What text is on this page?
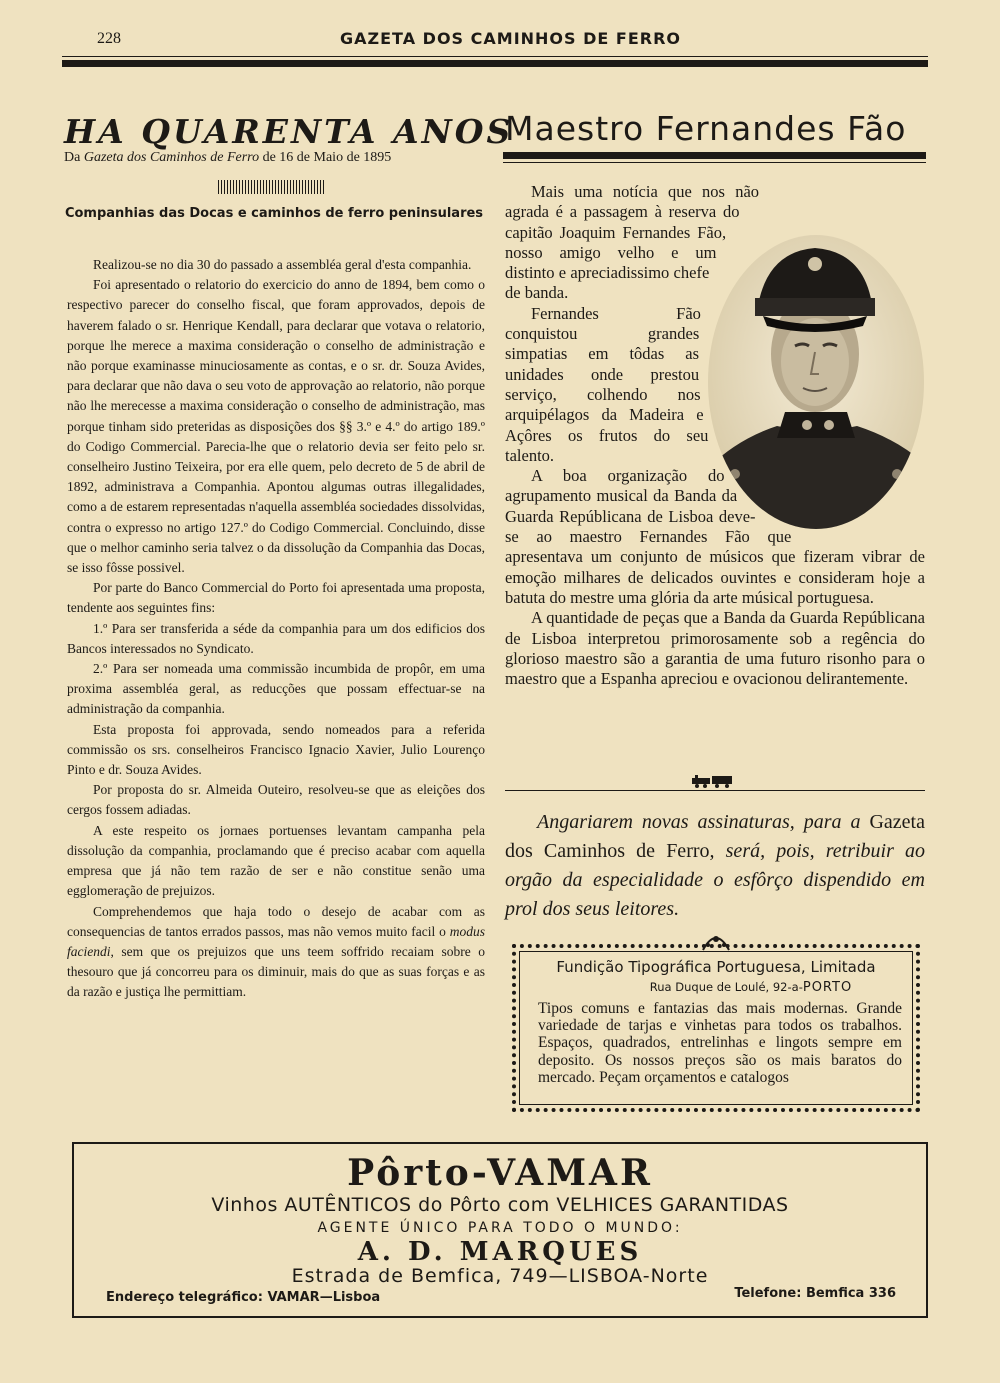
228	GAZETA DOS CAMINHOS DE FERRO
HA QUARENTA ANOS
Da Gazeta dos Caminhos de Ferro de 16 de Maio de 1895
Companhias das Docas e caminhos de ferro peninsulares

Realizou-se no dia 30 do passado a assembléa geral d'esta companhia.

Foi apresentado o relatorio do exercicio do anno de 1894, bem como o respectivo parecer do conselho fiscal, que foram approvados, depois de haverem falado o sr. Henrique Kendall, para declarar que votava o relatorio, porque lhe merece a maxima consideração o conselho de administração e não porque examinasse minuciosamente as contas, e o sr. dr. Souza Avides, para declarar que não dava o seu voto de approvação ao relatorio, não porque não lhe merecesse a maxima consideração o conselho de administração, mas porque tinham sido preteridas as disposições dos §§ 3.º e 4.º do artigo 189.º do Codigo Commercial. Parecia-lhe que o relatorio devia ser feito pelo sr. conselheiro Justino Teixeira, por era elle quem, pelo decreto de 5 de abril de 1892, administrava a Companhia. Apontou algumas outras illegalidades, como a de estarem representadas n'aquella assembléa sociedades dissolvidas, contra o expresso no artigo 127.º do Codigo Commercial. Concluindo, disse que o melhor caminho seria talvez o da dissolução da Companhia das Docas, se isso fôsse possivel.

Por parte do Banco Commercial do Porto foi apresentada uma proposta, tendente aos seguintes fins:

1.º Para ser transferida a séde da companhia para um dos edificios dos Bancos interessados no Syndicato.

2.º Para ser nomeada uma commissão incumbida de propôr, em uma proxima assembléa geral, as reducções que possam effectuar-se na administração da companhia.

Esta proposta foi approvada, sendo nomeados para a referida commissão os srs. conselheiros Francisco Ignacio Xavier, Julio Lourenço Pinto e dr. Souza Avides.

Por proposta do sr. Almeida Outeiro, resolveu-se que as eleições dos cergos fossem adiadas.

A este respeito os jornaes portuenses levantam campanha pela dissolução da companhia, proclamando que é preciso acabar com aquella empresa que já não tem razão de ser e não constitue senão uma egglomeração de prejuizos.

Comprehendemos que haja todo o desejo de acabar com as consequencias de tantos errados passos, mas não vemos muito facil o modus faciendi, sem que os prejuizos que uns teem soffrido recaiam sobre o thesouro que já concorreu para os diminuir, mais do que as suas forças e as da razão e justiça lhe permittiam.

Maestro Fernandes Fão

Mais uma notícia que nos não agrada é a passagem à reserva do capitão Joaquim Fernandes Fão, nosso amigo velho e um distinto e apreciadissimo chefe de banda.

Fernandes Fão conquistou grandes simpatias em tôdas as unidades onde prestou serviço, colhendo nos arquipélagos da Madeira e Açôres os frutos do seu talento.

A boa organização do agrupamento musical da Banda da Guarda Repúblicana de Lisboa deve-se ao maestro Fernandes Fão que apresentava um conjunto de músicos que fizeram vibrar de emoção milhares de delicados ouvintes e consideram hoje a batuta do mestre uma glória da arte músical portuguesa.

A quantidade de peças que a Banda da Guarda Repúblicana de Lisboa interpretou primorosamente sob a regência do glorioso maestro são a garantia de uma futuro risonho para o maestro que a Espanha apreciou e ovacionou delirantemente.

Angariarem novas assinaturas, para a Gazeta dos Caminhos de Ferro, será, pois, retribuir ao orgão da especialidade o esfôrço dispendido em prol dos seus leitores.
Fundição Tipográfica Portuguesa, Limitada
Rua Duque de Loulé, 92-a-PORTO
Tipos comuns e fantazias das mais modernas. Grande variedade de tarjas e vinhetas para todos os trabalhos. Espaços, quadrados, entrelinhas e lingots sempre em deposito. Os nossos preços são os mais baratos do mercado. Peçam orçamentos e catalogos
Pôrto-VAMAR
Vinhos AUTÊNTICOS do Pôrto com VELHICES GARANTIDAS
AGENTE ÚNICO PARA TODO O MUNDO:
A. D. MARQUES
Estrada de Bemfica, 749—LISBOA-Norte
Endereço telegráfico: VAMAR—Lisboa	Telefone: Bemfica 336
